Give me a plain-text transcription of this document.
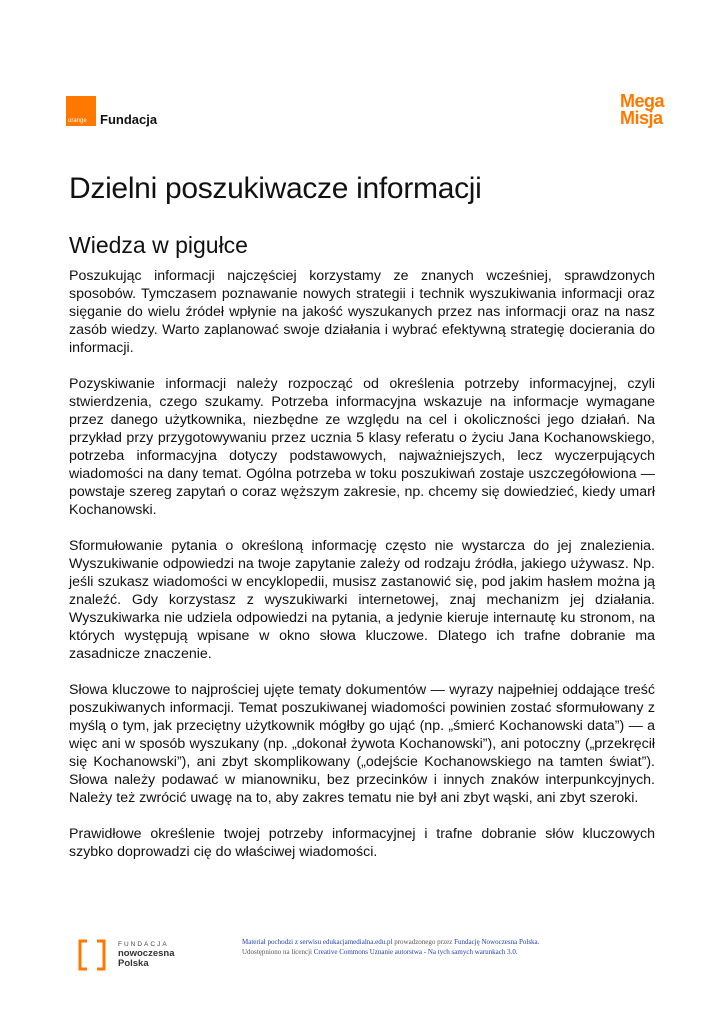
orange Fundacja
Mega
Misja
Dzielni poszukiwacze informacji
Wiedza w pigułce

Poszukując informacji najczęściej korzystamy ze znanych wcześniej, sprawdzonych sposobów. Tymczasem poznawanie nowych strategii i technik wyszukiwania informacji oraz sięganie do wielu źródeł wpłynie na jakość wyszukanych przez nas informacji oraz na nasz zasób wiedzy. Warto zaplanować swoje działania i wybrać efektywną strategię docierania do informacji.

Pozyskiwanie informacji należy rozpocząć od określenia potrzeby informacyjnej, czyli stwierdzenia, czego szukamy. Potrzeba informacyjna wskazuje na informacje wymagane przez danego użytkownika, niezbędne ze względu na cel i okoliczności jego działań. Na przykład przy przygotowywaniu przez ucznia 5 klasy referatu o życiu Jana Kochanowskiego, potrzeba informacyjna dotyczy podstawowych, najważniejszych, lecz wyczerpujących wiadomości na dany temat. Ogólna potrzeba w toku poszukiwań zostaje uszczegółowiona — powstaje szereg zapytań o coraz węższym zakresie, np. chcemy się dowiedzieć, kiedy umarł Kochanowski.

Sformułowanie pytania o określoną informację często nie wystarcza do jej znalezienia. Wyszukiwanie odpowiedzi na twoje zapytanie zależy od rodzaju źródła, jakiego używasz. Np. jeśli szukasz wiadomości w encyklopedii, musisz zastanowić się, pod jakim hasłem można ją znaleźć. Gdy korzystasz z wyszukiwarki internetowej, znaj mechanizm jej działania. Wyszukiwarka nie udziela odpowiedzi na pytania, a jedynie kieruje internautę ku stronom, na których występują wpisane w okno słowa kluczowe. Dlatego ich trafne dobranie ma zasadnicze znaczenie.

Słowa kluczowe to najprościej ujęte tematy dokumentów — wyrazy najpełniej oddające treść poszukiwanych informacji. Temat poszukiwanej wiadomości powinien zostać sformułowany z myślą o tym, jak przeciętny użytkownik mógłby go ująć (np. „śmierć Kochanowski data”) — a więc ani w sposób wyszukany (np. „dokonał żywota Kochanowski”), ani potoczny („przekręcił się Kochanowski”), ani zbyt skomplikowany („odejście Kochanowskiego na tamten świat”). Słowa należy podawać w mianowniku, bez przecinków i innych znaków interpunkcyjnych. Należy też zwrócić uwagę na to, aby zakres tematu nie był ani zbyt wąski, ani zbyt szeroki.

Prawidłowe określenie twojej potrzeby informacyjnej i trafne dobranie słów kluczowych szybko doprowadzi cię do właściwej wiadomości.

FUNDACJA
nowoczesna
Polska
Materiał pochodzi z serwisu edukacjamedialna.edu.pl prowadzonego przez Fundację Nowoczesna Polska.
Udostępniono na licencji Creative Commons Uznanie autorstwa - Na tych samych warunkach 3.0.
